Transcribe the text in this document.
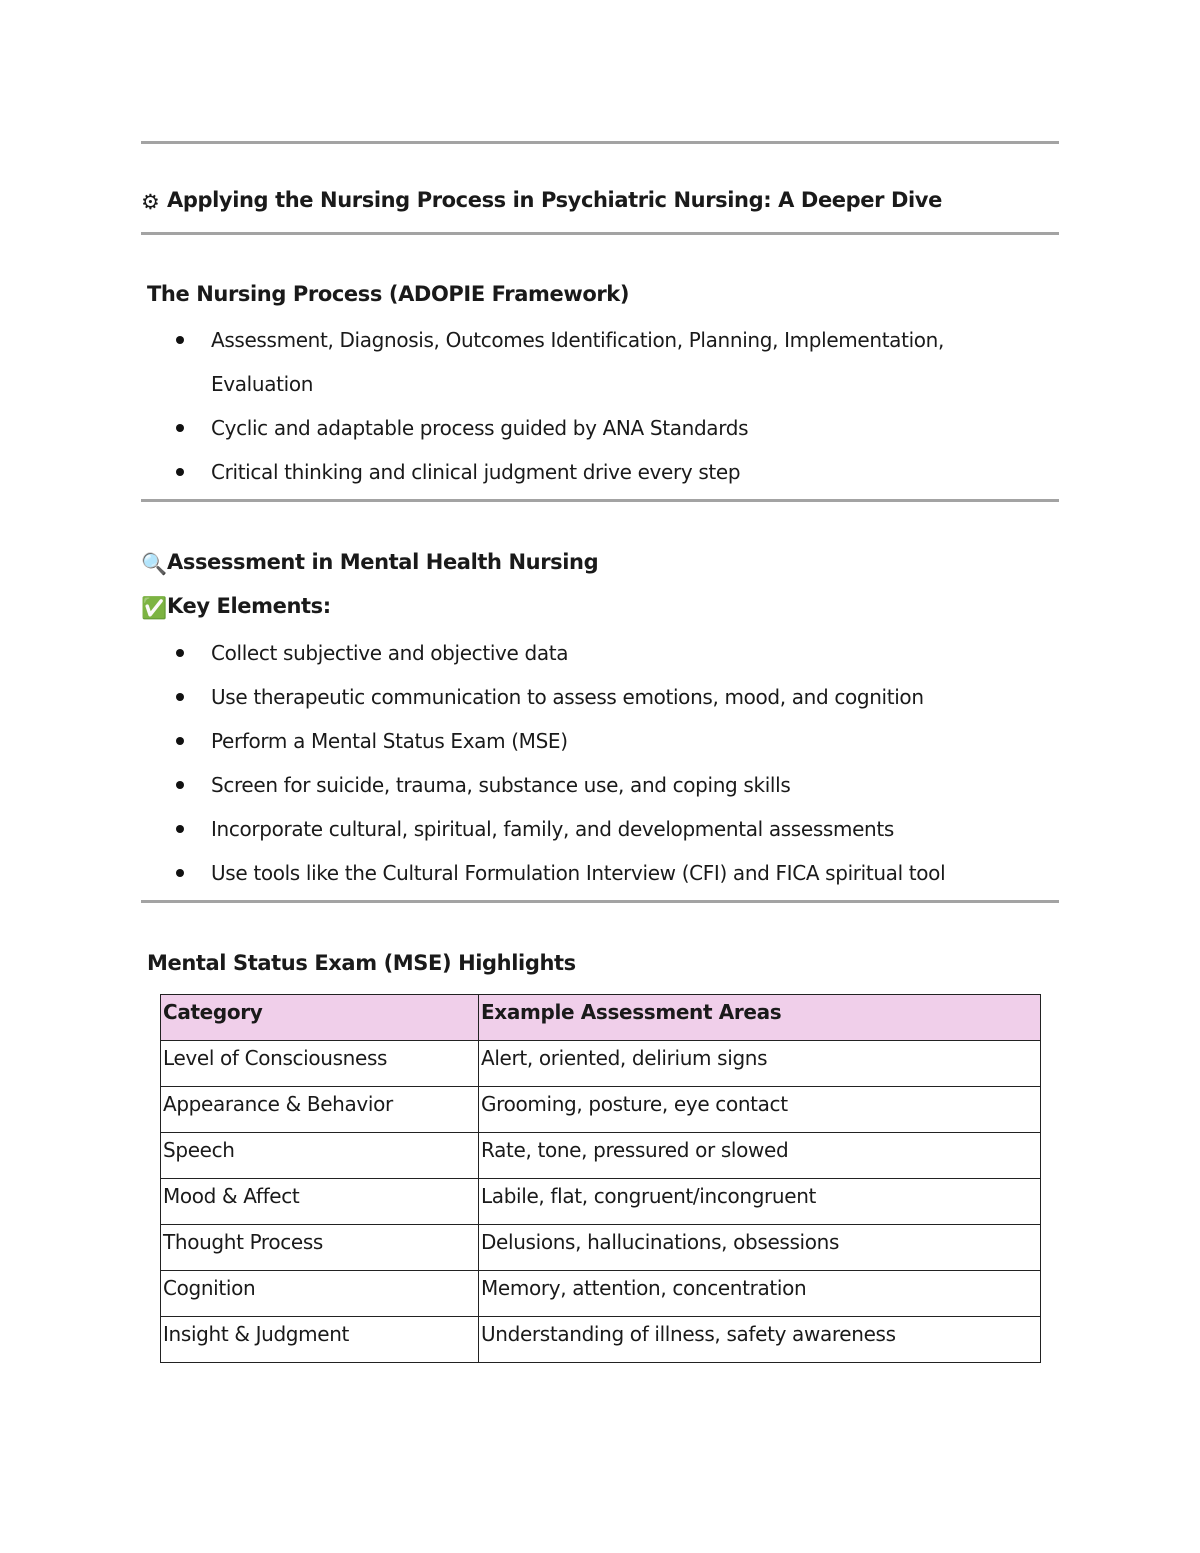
⚙ Applying the Nursing Process in Psychiatric Nursing: A Deeper Dive
The Nursing Process (ADOPIE Framework)
Assessment, Diagnosis, Outcomes Identification, Planning, Implementation, Evaluation
Cyclic and adaptable process guided by ANA Standards
Critical thinking and clinical judgment drive every step
🔍Assessment in Mental Health Nursing
✅Key Elements:
Collect subjective and objective data
Use therapeutic communication to assess emotions, mood, and cognition
Perform a Mental Status Exam (MSE)
Screen for suicide, trauma, substance use, and coping skills
Incorporate cultural, spiritual, family, and developmental assessments
Use tools like the Cultural Formulation Interview (CFI) and FICA spiritual tool
Mental Status Exam (MSE) Highlights
Category	Example Assessment Areas
Level of Consciousness	Alert, oriented, delirium signs
Appearance & Behavior	Grooming, posture, eye contact
Speech	Rate, tone, pressured or slowed
Mood & Affect	Labile, flat, congruent/incongruent
Thought Process	Delusions, hallucinations, obsessions
Cognition	Memory, attention, concentration
Insight & Judgment	Understanding of illness, safety awareness
